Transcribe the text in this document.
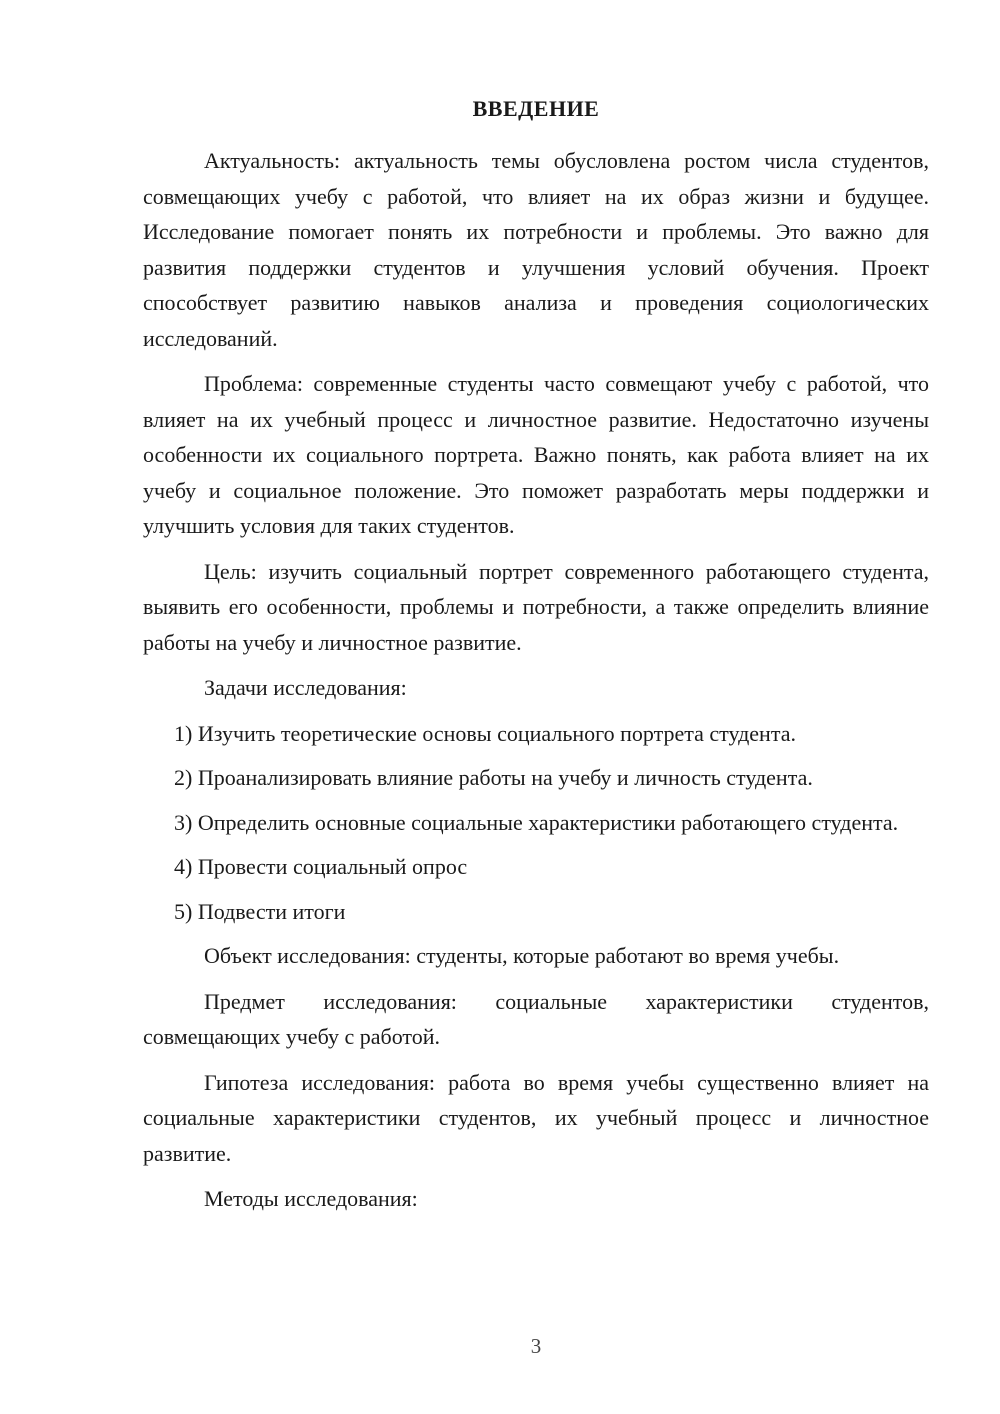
ВВЕДЕНИЕ

Актуальность: актуальность темы обусловлена ростом числа студентов, совмещающих учебу с работой, что влияет на их образ жизни и будущее. Исследование помогает понять их потребности и проблемы. Это важно для развития поддержки студентов и улучшения условий обучения. Проект способствует развитию навыков анализа и проведения социологических исследований.

Проблема: современные студенты часто совмещают учебу с работой, что влияет на их учебный процесс и личностное развитие. Недостаточно изучены особенности их социального портрета. Важно понять, как работа влияет на их учебу и социальное положение. Это поможет разработать меры поддержки и улучшить условия для таких студентов.

Цель: изучить социальный портрет современного работающего студента, выявить его особенности, проблемы и потребности, а также определить влияние работы на учебу и личностное развитие.

Задачи исследования:

1) Изучить теоретические основы социального портрета студента.

2) Проанализировать влияние работы на учебу и личность студента.

3) Определить основные социальные характеристики работающего студента.

4) Провести социальный опрос

5) Подвести итоги

Объект исследования: студенты, которые работают во время учебы.

Предмет исследования: социальные характеристики студентов, совмещающих учебу с работой.

Гипотеза исследования: работа во время учебы существенно влияет на социальные характеристики студентов, их учебный процесс и личностное развитие.

Методы исследования:

3
